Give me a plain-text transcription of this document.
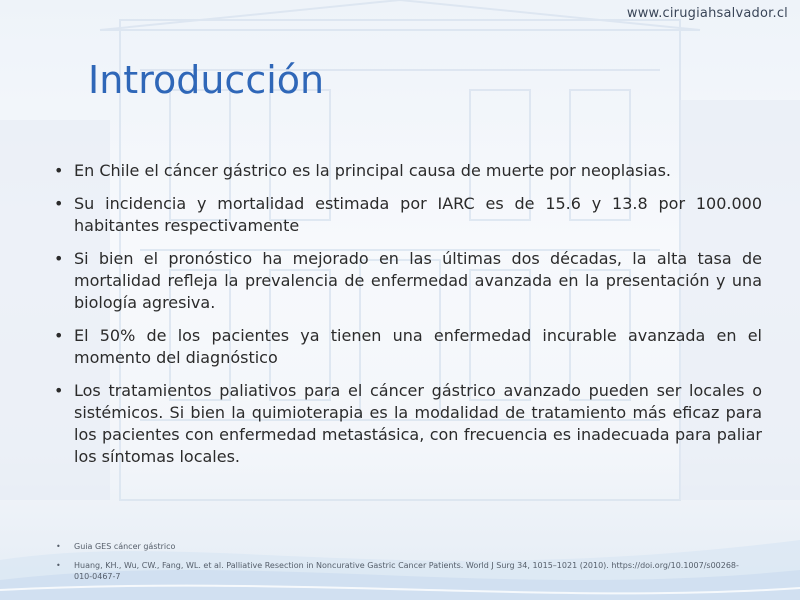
www.cirugiahsalvador.cl
Introducción
• En Chile el cáncer gástrico es la principal causa de muerte por neoplasias.
• Su incidencia y mortalidad estimada por IARC es de 15.6 y 13.8 por 100.000 habitantes respectivamente
• Si bien el pronóstico ha mejorado en las últimas dos décadas, la alta tasa de mortalidad refleja la prevalencia de enfermedad avanzada en la presentación y una biología agresiva.
• El 50% de los pacientes ya tienen una enfermedad incurable avanzada en el momento del diagnóstico
• Los tratamientos paliativos para el cáncer gástrico avanzado pueden ser locales o sistémicos. Si bien la quimioterapia es la modalidad de tratamiento más eficaz para los pacientes con enfermedad metastásica, con frecuencia es inadecuada para paliar los síntomas locales.
• Guia GES cáncer gástrico
• Huang, KH., Wu, CW., Fang, WL. et al. Palliative Resection in Noncurative Gastric Cancer Patients. World J Surg 34, 1015–1021 (2010). https://doi.org/10.1007/s00268-010-0467-7
